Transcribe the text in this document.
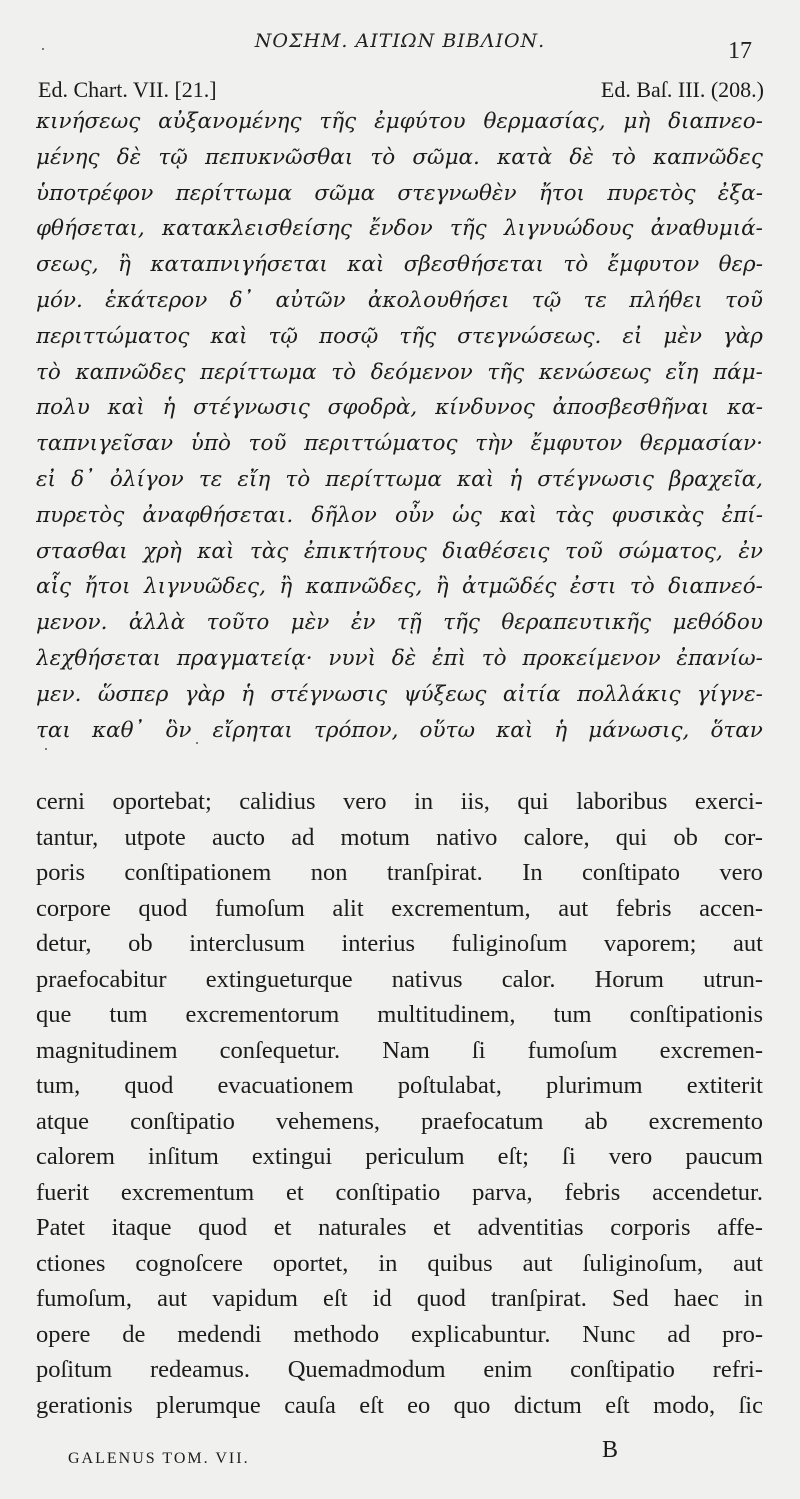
ΝΟΣΗΜ. ΑΙΤΙΩΝ ΒΙΒΛΙΟΝ.	17
Ed. Chart. VII. [21.]	Ed. Baſ. III. (208.)
κινήσεως αὐξανομένης τῆς ἐμφύτου θερμασίας, μὴ διαπνεο-
μένης δὲ τῷ πεπυκνῶσθαι τὸ σῶμα. κατὰ δὲ τὸ καπνῶδες
ὑποτρέφον περίττωμα σῶμα στεγνωθὲν ἤτοι πυρετὸς ἐξα-
φθήσεται, κατακλεισθείσης ἔνδον τῆς λιγνυώδους ἀναθυμιά-
σεως, ἢ καταπνιγήσεται καὶ σβεσθήσεται τὸ ἔμφυτον θερ-
μόν. ἑκάτερον δ᾽ αὐτῶν ἀκολουθήσει τῷ τε πλήθει τοῦ
περιττώματος καὶ τῷ ποσῷ τῆς στεγνώσεως. εἰ μὲν γὰρ
τὸ καπνῶδες περίττωμα τὸ δεόμενον τῆς κενώσεως εἴη πάμ-
πολυ καὶ ἡ στέγνωσις σφοδρὰ, κίνδυνος ἀποσβεσθῆναι κα-
ταπνιγεῖσαν ὑπὸ τοῦ περιττώματος τὴν ἔμφυτον θερμασίαν·
εἰ δ᾽ ὀλίγον τε εἴη τὸ περίττωμα καὶ ἡ στέγνωσις βραχεῖα,
πυρετὸς ἀναφθήσεται. δῆλον οὖν ὡς καὶ τὰς φυσικὰς ἐπί-
στασθαι χρὴ καὶ τὰς ἐπικτήτους διαθέσεις τοῦ σώματος, ἐν
αἷς ἤτοι λιγνυῶδες, ἢ καπνῶδες, ἢ ἀτμῶδές ἐστι τὸ διαπνεό-
μενον. ἀλλὰ τοῦτο μὲν ἐν τῇ τῆς θεραπευτικῆς μεθόδου
λεχθήσεται πραγματείᾳ· νυνὶ δὲ ἐπὶ τὸ προκείμενον ἐπανίω-
μεν. ὥσπερ γὰρ ἡ στέγνωσις ψύξεως αἰτία πολλάκις γίγνε-
ται καθ᾽ ὃν εἴρηται τρόπον, οὕτω καὶ ἡ μάνωσις, ὅταν
cerni oportebat; calidius vero in iis, qui laboribus exerci-
tantur, utpote aucto ad motum nativo calore, qui ob cor-
poris conſtipationem non tranſpirat. In conſtipato vero
corpore quod fumoſum alit excrementum, aut febris accen-
detur, ob interclusum interius fuliginoſum vaporem; aut
praefocabitur extingueturque nativus calor. Horum utrun-
que tum excrementorum multitudinem, tum conſtipationis
magnitudinem conſequetur. Nam ſi fumoſum excremen-
tum, quod evacuationem poſtulabat, plurimum extiterit
atque conſtipatio vehemens, praefocatum ab excremento
calorem inſitum extingui periculum eſt; ſi vero paucum
fuerit excrementum et conſtipatio parva, febris accendetur.
Patet itaque quod et naturales et adventitias corporis affe-
ctiones cognoſcere oportet, in quibus aut ſuliginoſum, aut
fumoſum, aut vapidum eſt id quod tranſpirat. Sed haec in
opere de medendi methodo explicabuntur. Nunc ad pro-
poſitum redeamus. Quemadmodum enim conſtipatio refri-
gerationis plerumque cauſa eſt eo quo dictum eſt modo, ſic
GALENUS TOM. VII.	B
